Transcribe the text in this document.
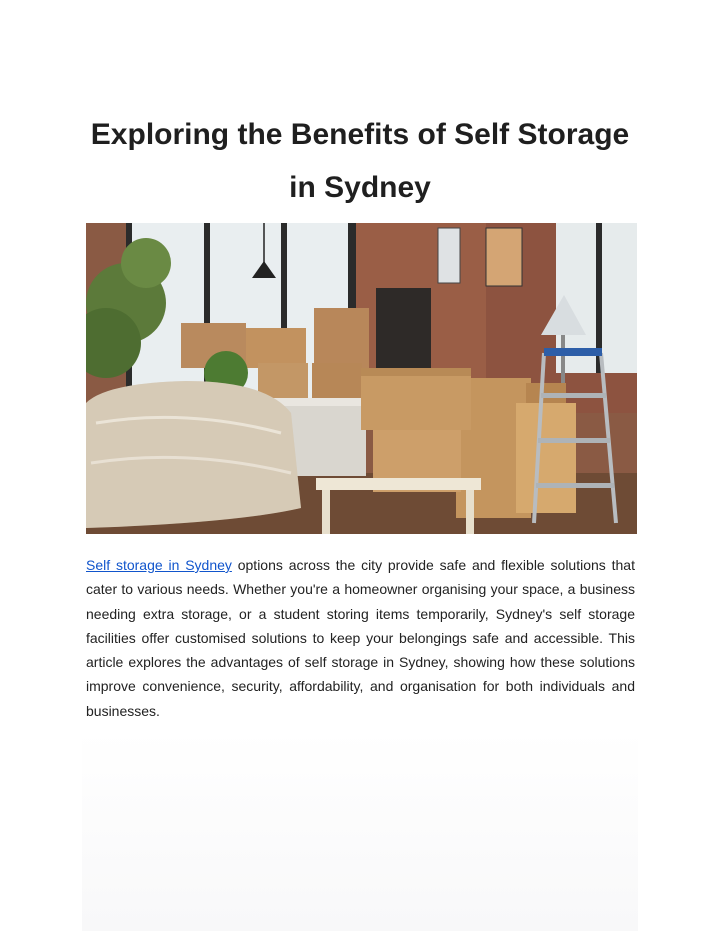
Exploring the Benefits of Self Storage
in Sydney

Self storage in Sydney options across the city provide safe and flexible solutions that cater to various needs. Whether you're a homeowner organising your space, a business needing extra storage, or a student storing items temporarily, Sydney's self storage facilities offer customised solutions to keep your belongings safe and accessible. This article explores the advantages of self storage in Sydney, showing how these solutions improve convenience, security, affordability, and organisation for both individuals and businesses.
